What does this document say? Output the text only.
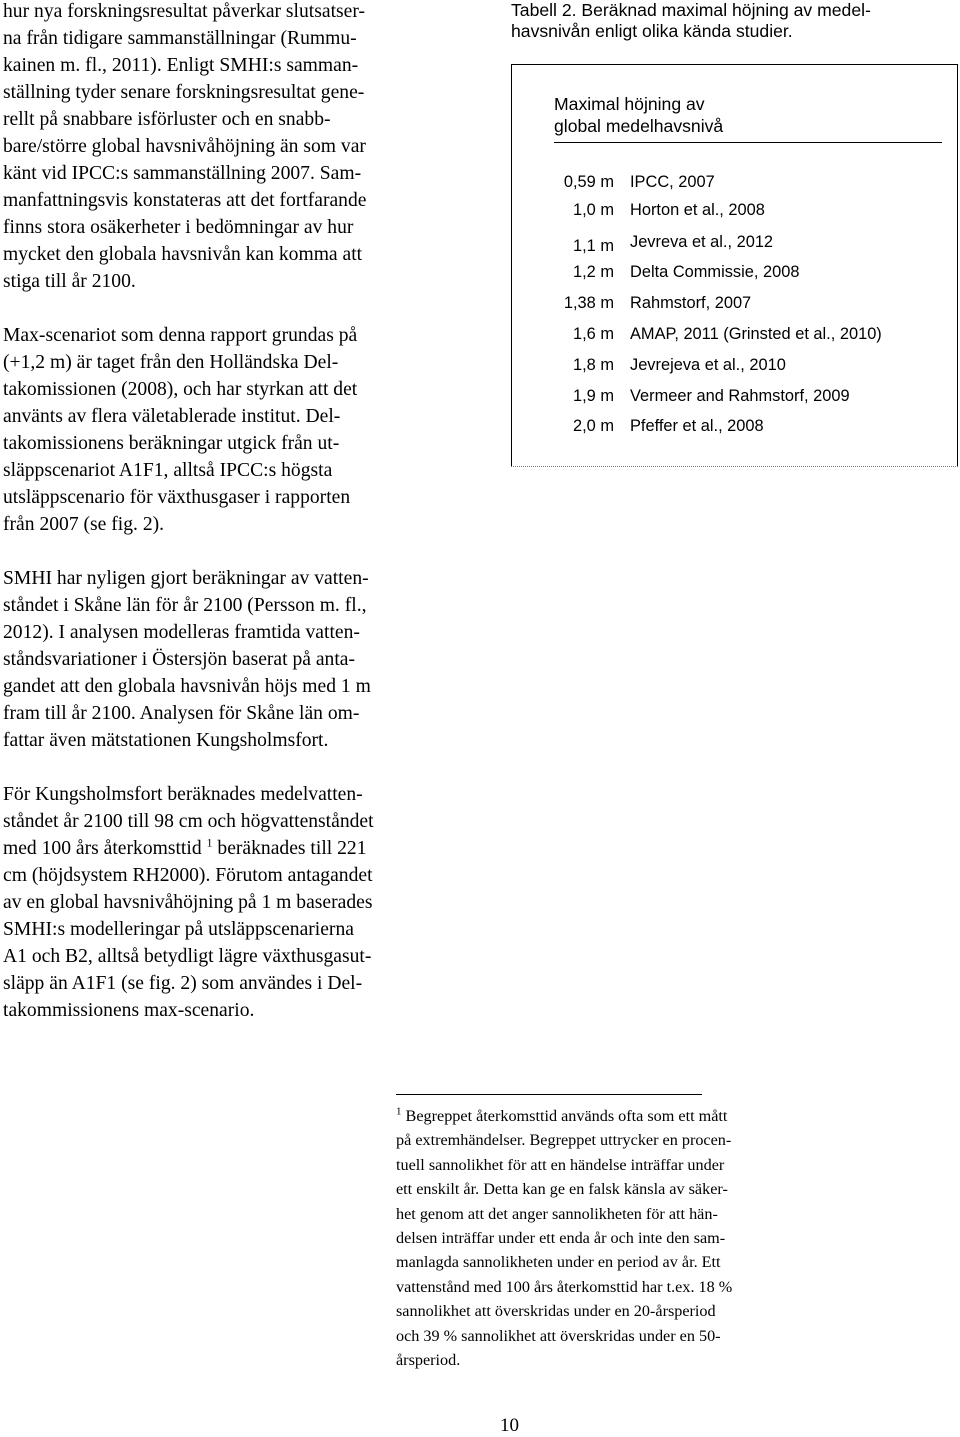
hur nya forskningsresultat påverkar slutsatser-
na från tidigare sammanställningar (Rummu-
kainen m. fl., 2011). Enligt SMHI:s samman-
ställning tyder senare forskningsresultat gene-
rellt på snabbare isförluster och en snabb-
bare/större global havsnivåhöjning än som var
känt vid IPCC:s sammanställning 2007. Sam-
manfattningsvis konstateras att det fortfarande
finns stora osäkerheter i bedömningar av hur
mycket den globala havsnivån kan komma att
stiga till år 2100.

Max-scenariot som denna rapport grundas på
(+1,2 m) är taget från den Holländska Del-
takomissionen (2008), och har styrkan att det
använts av flera väletablerade institut. Del-
takomissionens beräkningar utgick från ut-
släppscenariot A1F1, alltså IPCC:s högsta
utsläppscenario för växthusgaser i rapporten
från 2007 (se fig. 2).

SMHI har nyligen gjort beräkningar av vatten-
ståndet i Skåne län för år 2100 (Persson m. fl.,
2012). I analysen modelleras framtida vatten-
ståndsvariationer i Östersjön baserat på anta-
gandet att den globala havsnivån höjs med 1 m
fram till år 2100. Analysen för Skåne län om-
fattar även mätstationen Kungsholmsfort.

För Kungsholmsfort beräknades medelvatten-
ståndet år 2100 till 98 cm och högvattenståndet
med 100 års återkomsttid $^1$ beräknades till 221
cm (höjdsystem RH2000). Förutom antagandet
av en global havsnivåhöjning på 1 m baserades
SMHI:s modelleringar på utsläppscenarierna
A1 och B2, alltså betydligt lägre växthusgasut-
släpp än A1F1 (se fig. 2) som användes i Del-
takommissionens max-scenario.

Tabell 2. Beräknad maximal höjning av medel-
havsnivån enligt olika kända studier.
Maximal höjning av
global medelhavsnivå
0,59 m IPCC, 2007
1,0 m Horton et al., 2008
1,1 m Jevreva et al., 2012
1,2 m Delta Commissie, 2008
1,38 m Rahmstorf, 2007
1,6 m AMAP, 2011 (Grinsted et al., 2010)
1,8 m Jevrejeva et al., 2010
1,9 m Vermeer and Rahmstorf, 2009
2,0 m Pfeffer et al., 2008
$^1$ Begreppet återkomsttid används ofta som ett mått
på extremhändelser. Begreppet uttrycker en procen-
tuell sannolikhet för att en händelse inträffar under
ett enskilt år. Detta kan ge en falsk känsla av säker-
het genom att det anger sannolikheten för att hän-
delsen inträffar under ett enda år och inte den sam-
manlagda sannolikheten under en period av år. Ett
vattenstånd med 100 års återkomsttid har t.ex. 18 %
sannolikhet att överskridas under en 20-årsperiod
och 39 % sannolikhet att överskridas under en 50-
årsperiod.
10
